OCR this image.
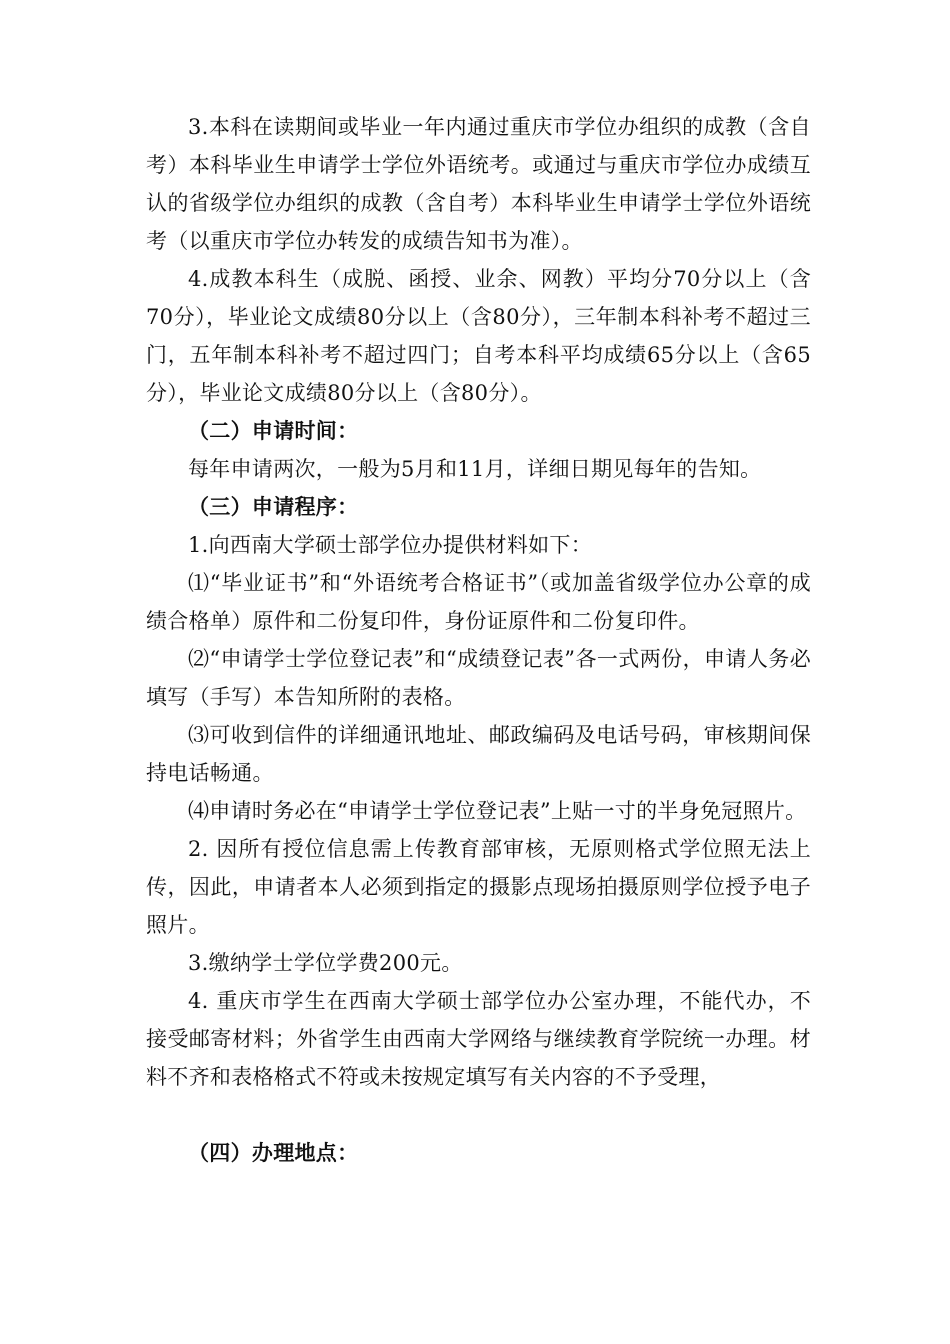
3.本科在读期间或毕业一年内通过重庆市学位办组织的成教（含自考）本科毕业生申请学士学位外语统考。或通过与重庆市学位办成绩互认的省级学位办组织的成教（含自考）本科毕业生申请学士学位外语统考（以重庆市学位办转发的成绩告知书为准）。

4.成教本科生（成脱、函授、业余、网教）平均分70分以上（含70分），毕业论文成绩80分以上（含80分），三年制本科补考不超过三门，五年制本科补考不超过四门；自考本科平均成绩65分以上（含65分），毕业论文成绩80分以上（含80分）。

（二）申请时间：

每年申请两次，一般为5月和11月，详细日期见每年的告知。

（三）申请程序：

1.向西南大学硕士部学位办提供材料如下：

⑴“毕业证书”和“外语统考合格证书”（或加盖省级学位办公章的成绩合格单）原件和二份复印件，身份证原件和二份复印件。

⑵“申请学士学位登记表”和“成绩登记表”各一式两份，申请人务必填写（手写）本告知所附的表格。

⑶可收到信件的详细通讯地址、邮政编码及电话号码，审核期间保持电话畅通。

⑷申请时务必在“申请学士学位登记表”上贴一寸的半身免冠照片。

2. 因所有授位信息需上传教育部审核，无原则格式学位照无法上传，因此，申请者本人必须到指定的摄影点现场拍摄原则学位授予电子照片。

3.缴纳学士学位学费200元。

4. 重庆市学生在西南大学硕士部学位办公室办理，不能代办，不接受邮寄材料；外省学生由西南大学网络与继续教育学院统一办理。材料不齐和表格格式不符或未按规定填写有关内容的不予受理，

（四）办理地点：
